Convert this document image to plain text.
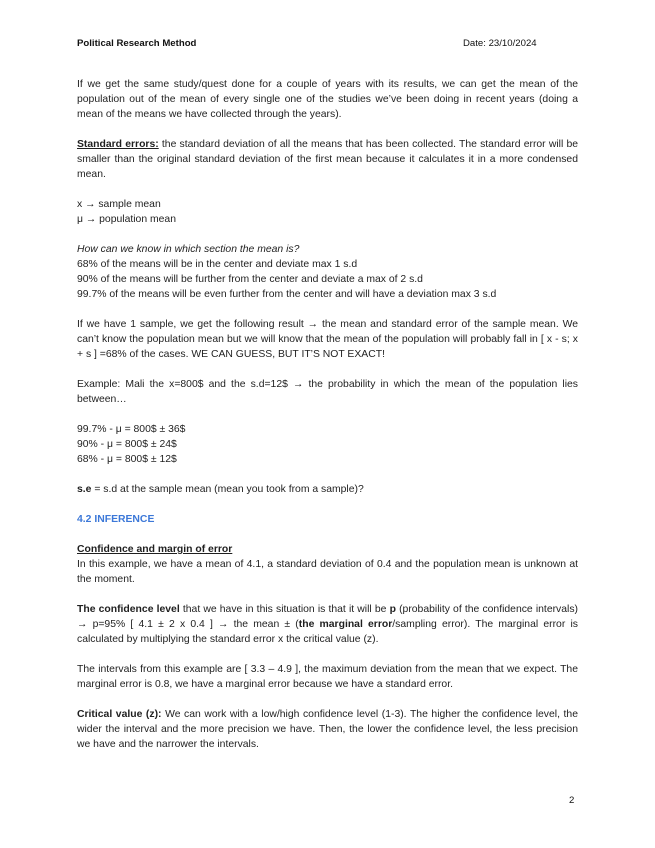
Political Research Method	Date: 23/10/2024

If we get the same study/quest done for a couple of years with its results, we can get the mean of the population out of the mean of every single one of the studies we’ve been doing in recent years (doing a mean of the means we have collected through the years).

Standard errors: the standard deviation of all the means that has been collected. The standard error will be smaller than the original standard deviation of the first mean because it calculates it in a more condensed mean.

x → sample mean

μ → population mean

How can we know in which section the mean is?

68% of the means will be in the center and deviate max 1 s.d

90% of the means will be further from the center and deviate a max of 2 s.d

99.7% of the means will be even further from the center and will have a deviation max 3 s.d

If we have 1 sample, we get the following result → the mean and standard error of the sample mean. We can’t know the population mean but we will know that the mean of the population will probably fall in [ x - s; x + s ] =68% of the cases. WE CAN GUESS, BUT IT’S NOT EXACT!

Example: Mali the x=800$ and the s.d=12$ → the probability in which the mean of the population lies between…

99.7% - μ = 800$ ± 36$

90% - μ = 800$ ± 24$

68% - μ = 800$ ± 12$

s.e = s.d at the sample mean (mean you took from a sample)?

4.2 INFERENCE

Confidence and margin of error

In this example, we have a mean of 4.1, a standard deviation of 0.4 and the population mean is unknown at the moment.

The confidence level that we have in this situation is that it will be p (probability of the confidence intervals) → p=95% [ 4.1 ± 2 x 0.4 ] → the mean ± (the marginal error/sampling error). The marginal error is calculated by multiplying the standard error x the critical value (z).

The intervals from this example are [ 3.3 – 4.9 ], the maximum deviation from the mean that we expect. The marginal error is 0.8, we have a marginal error because we have a standard error.

Critical value (z): We can work with a low/high confidence level (1-3). The higher the confidence level, the wider the interval and the more precision we have. Then, the lower the confidence level, the less precision we have and the narrower the intervals.

2
